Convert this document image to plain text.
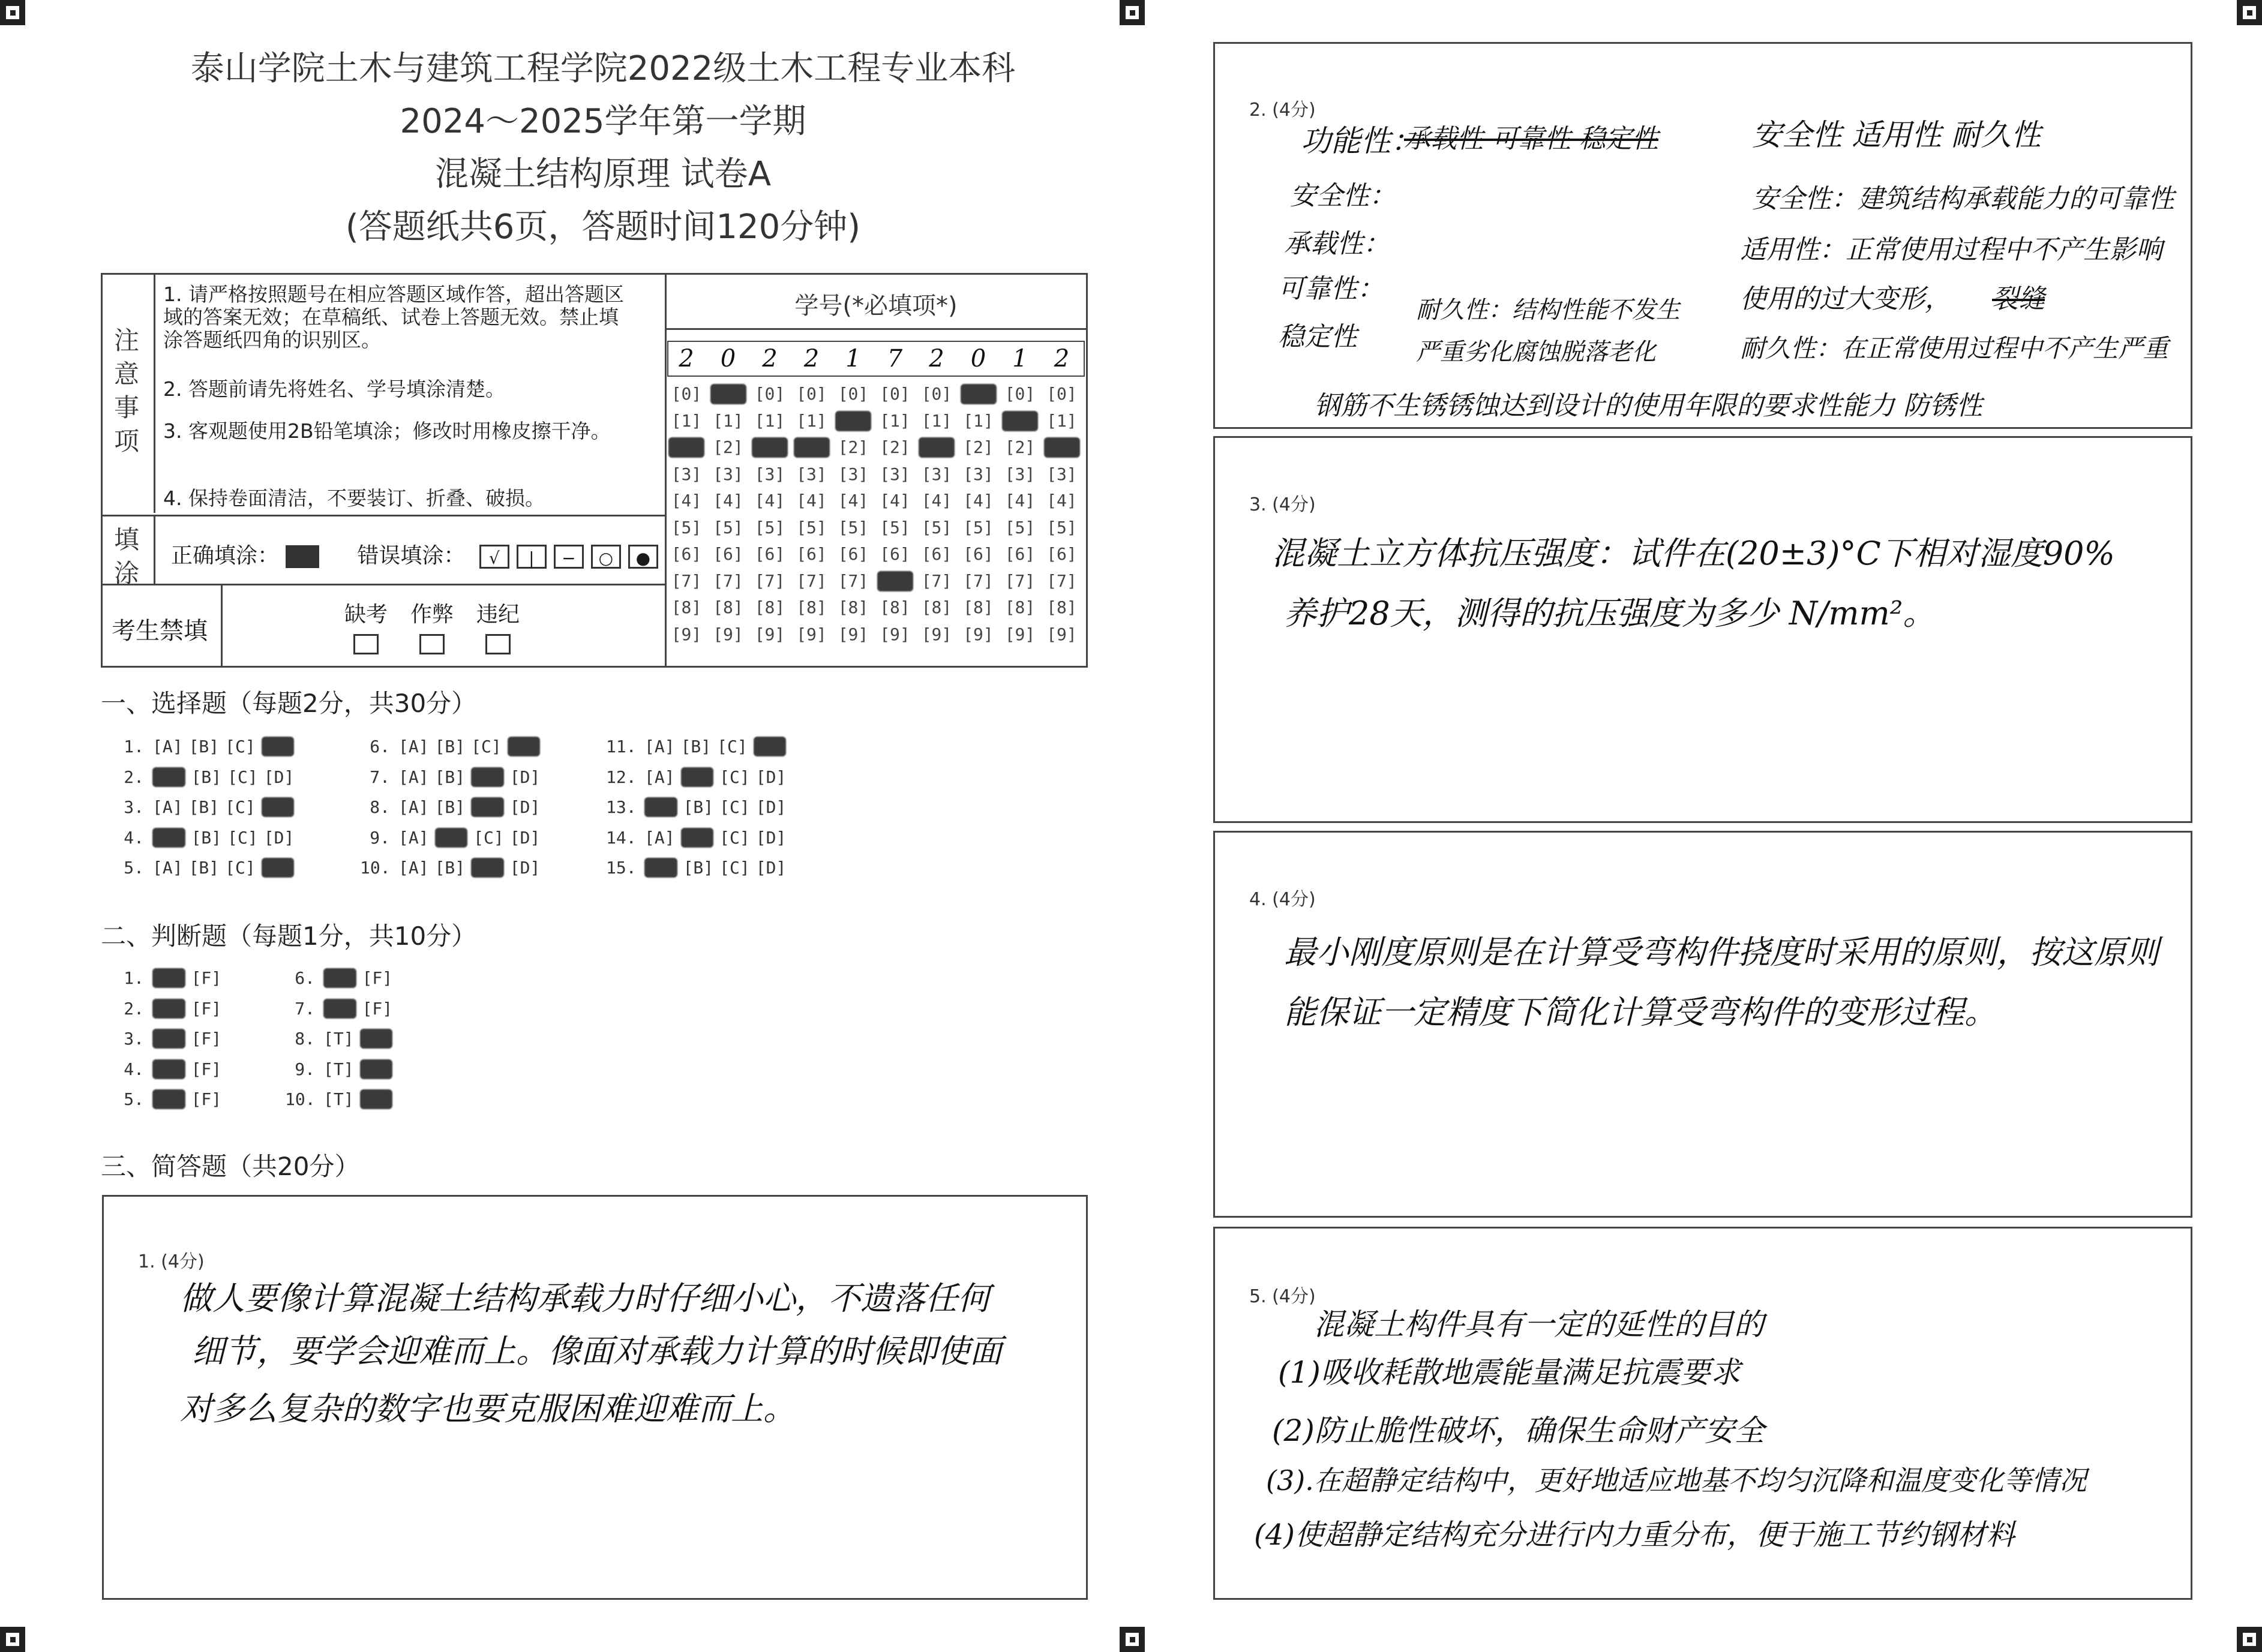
泰山学院土木与建筑工程学院2022级土木工程专业本科
2024～2025学年第一学期
混凝土结构原理 试卷A
(答题纸共6页，答题时间120分钟)
注
意
事
项
1. 请严格按照题号在相应答题区域作答，超出答题区域的答案无效；在草稿纸、试卷上答题无效。禁止填涂答题纸四角的识别区。
2. 答题前请先将姓名、学号填涂清楚。
3. 客观题使用2B铅笔填涂；修改时用橡皮擦干净。
4. 保持卷面清洁，不要装订、折叠、破损。
填
涂
正确填涂：	错误填涂： √ | − ○ ●
考生禁填
缺考	作弊	违纪
学号(*必填项*)
一、选择题（每题2分，共30分）
二、判断题（每题1分，共10分）
三、简答题（共20分）
1. (4分)
做人要像计算混凝土结构承载力时仔细小心，不遗落任何
细节，要学会迎难而上。像面对承载力计算的时候即使面
对多么复杂的数字也要克服困难迎难而上。
2. (4分)
功能性：
承载性 可靠性 稳定性	安全性 适用性 耐久性
安全性：
承载性：
可靠性：
稳定性
安全性：建筑结构承载能力的可靠性
适用性：正常使用过程中不产生影响
使用的过大变形， 裂缝
耐久性：结构性能不发生
严重劣化腐蚀脱落老化	耐久性：在正常使用过程中不产生严重
钢筋不生锈锈蚀达到设计的使用年限的要求性能力 防锈性
3. (4分)
混凝土立方体抗压强度：试件在(20±3)°C下相对湿度90%
养护28天，测得的抗压强度为多少 N/mm²。
4. (4分)
最小刚度原则是在计算受弯构件挠度时采用的原则，按这原则
能保证一定精度下简化计算受弯构件的变形过程。
5. (4分)
混凝土构件具有一定的延性的目的
(1)吸收耗散地震能量满足抗震要求
(2)防止脆性破坏，确保生命财产安全
(3).在超静定结构中，更好地适应地基不均匀沉降和温度变化等情况
(4)使超静定结构充分进行内力重分布，便于施工节约钢材料
2	0	2	2	1	7	2	0	1	2
[0] [0] [0] [0] [0] [0] [0] [0] [0] [0]
[1] [1] [1] [1] [1] [1] [1] [1] [1] [1]
[2] [2] [2] [2] [2] [2] [2] [2] [2] [2]
[3] [3] [3] [3] [3] [3] [3] [3] [3] [3]
[4] [4] [4] [4] [4] [4] [4] [4] [4] [4]
[5] [5] [5] [5] [5] [5] [5] [5] [5] [5]
[6] [6] [6] [6] [6] [6] [6] [6] [6] [6]
[7] [7] [7] [7] [7] [7] [7] [7] [7] [7]
[8] [8] [8] [8] [8] [8] [8] [8] [8] [8]
[9] [9] [9] [9] [9] [9] [9] [9] [9] [9]
1. [A] [B] [C] [D]
2. [A] [B] [C] [D]
3. [A] [B] [C] [D]
4. [A] [B] [C] [D]
5. [A] [B] [C] [D]
6. [A] [B] [C] [D]
7. [A] [B] [C] [D]
8. [A] [B] [C] [D]
9. [A] [B] [C] [D]
10. [A] [B] [C] [D]
11. [A] [B] [C] [D]
12. [A] [B] [C] [D]
13. [A] [B] [C] [D]
14. [A] [B] [C] [D]
15. [A] [B] [C] [D]
1. [T] [F]
2. [T] [F]
3. [T] [F]
4. [T] [F]
5. [T] [F]
6. [T] [F]
7. [T] [F]
8. [T] [F]
9. [T] [F]
10. [T] [F]
